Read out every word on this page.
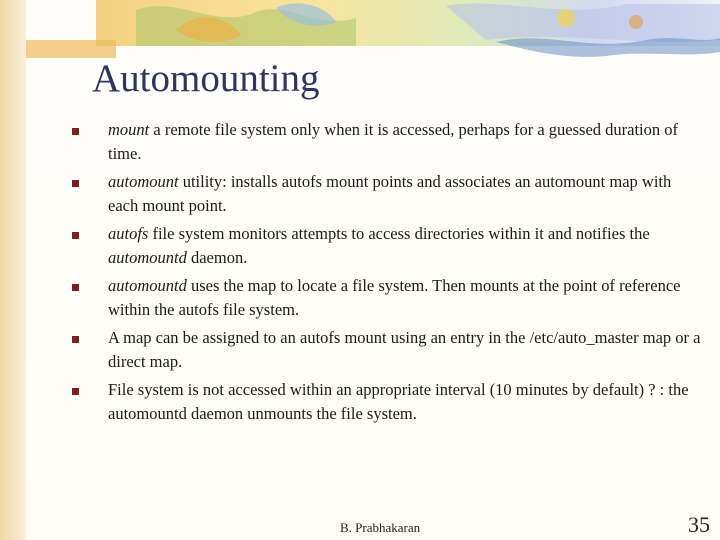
Automounting
mount a remote file system only when it is accessed, perhaps for a guessed duration of time.
automount utility: installs autofs mount points and associates an automount map with each mount point.
autofs file system monitors attempts to access directories within it and notifies the automountd daemon.
automountd uses the map to locate a file system. Then mounts at the point of reference within the autofs file system.
A map can be assigned to an autofs mount using an entry in the /etc/auto_master map or a direct map.
File system is not accessed within an appropriate interval (10 minutes by default) ? : the automountd daemon unmounts the file system.
B. Prabhakaran	35
